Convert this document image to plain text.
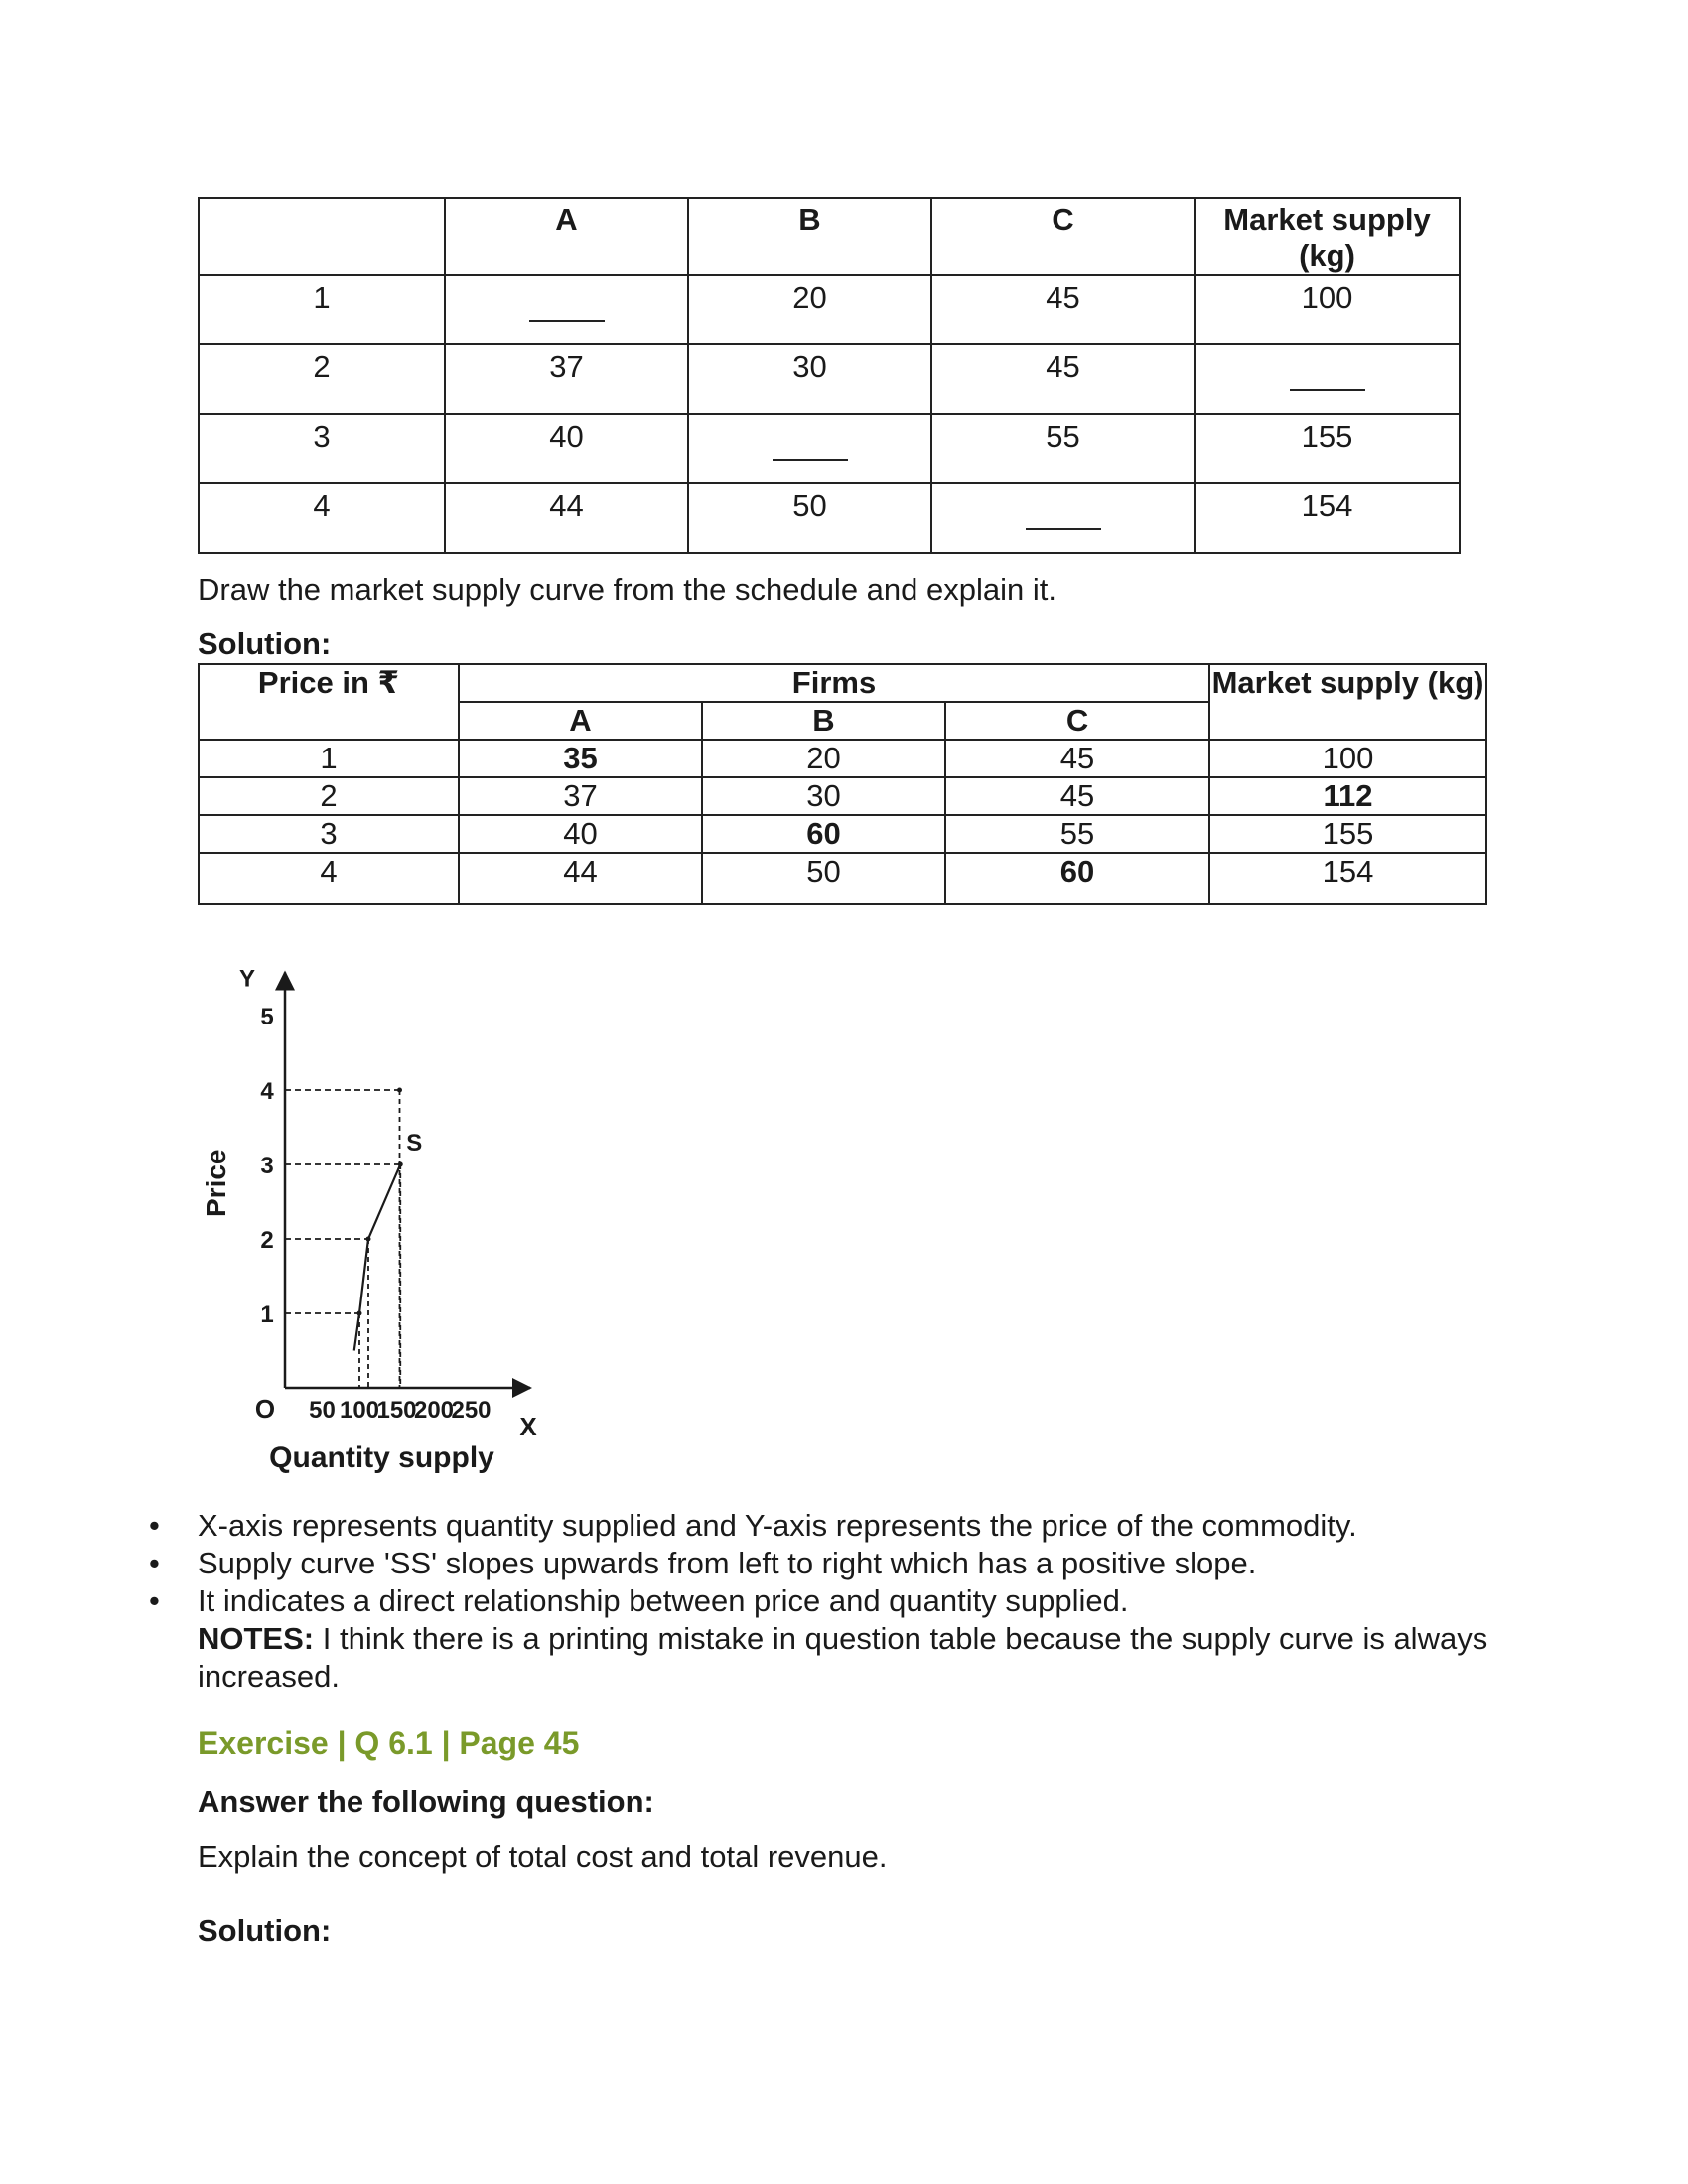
	A	B	C	Market supply (kg)
1		20	45	100
2	37	30	45	
3	40		55	155
4	44	50		154
Draw the market supply curve from the schedule and explain it.
Solution:
Price in ₹	Firms			Market supply (kg)
	A	B	C	
1	35	20	45	100
2	37	30	45	112
3	40	60	55	155
4	44	50	60	154
50 100
150
200
250
1
2
3
4
5
O
X
Y
Quantity supply
Price
S
• X-axis represents quantity supplied and Y-axis represents the price of the commodity.
• Supply curve 'SS' slopes upwards from left to right which has a positive slope.
• It indicates a direct relationship between price and quantity supplied.
NOTES: I think there is a printing mistake in question table because the supply curve is always increased.
Exercise | Q 6.1 | Page 45
Answer the following question:
Explain the concept of total cost and total revenue.
Solution:
